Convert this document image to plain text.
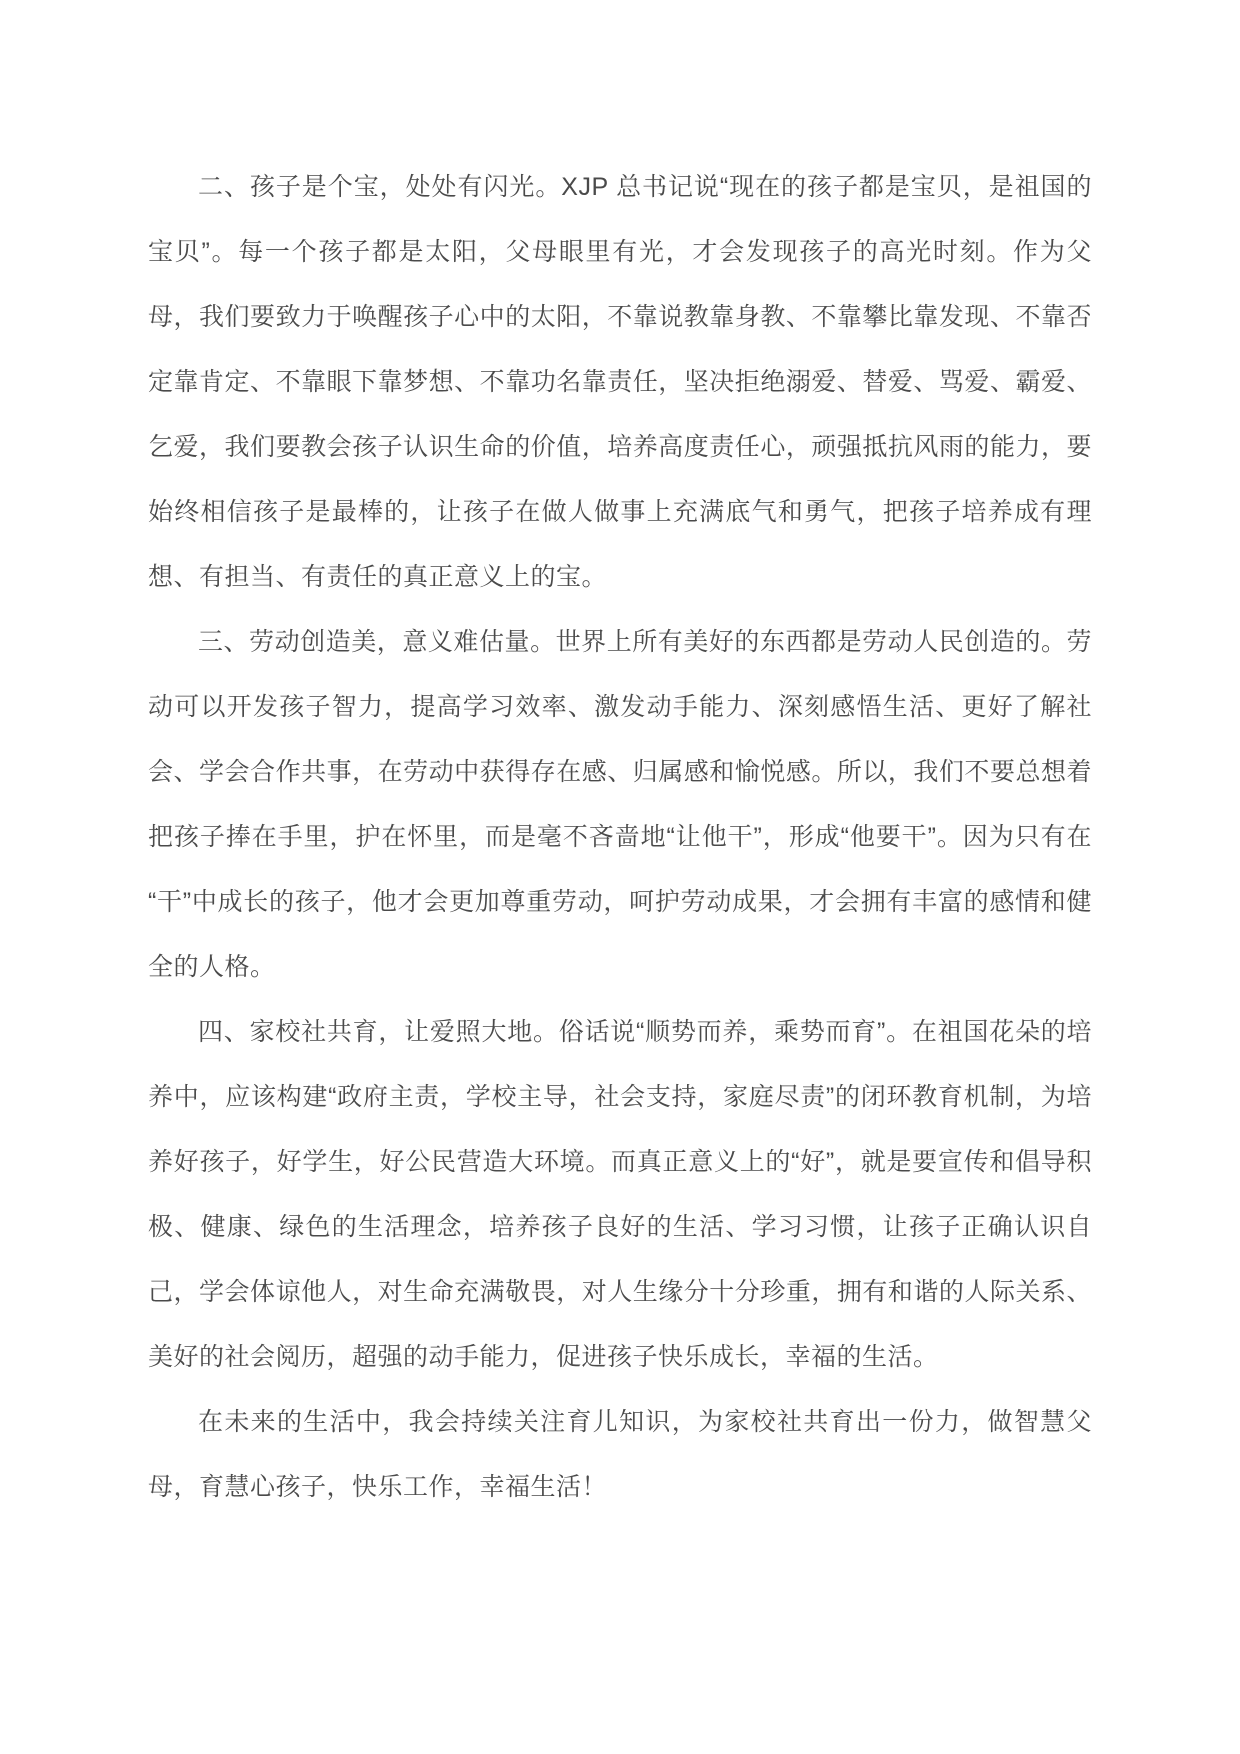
二、孩子是个宝，处处有闪光。XJP 总书记说“现在的孩子都是宝贝，是祖国的宝贝”。每一个孩子都是太阳，父母眼里有光，才会发现孩子的高光时刻。作为父母，我们要致力于唤醒孩子心中的太阳，不靠说教靠身教、不靠攀比靠发现、不靠否定靠肯定、不靠眼下靠梦想、不靠功名靠责任，坚决拒绝溺爱、替爱、骂爱、霸爱、乞爱，我们要教会孩子认识生命的价值，培养高度责任心，顽强抵抗风雨的能力，要始终相信孩子是最棒的，让孩子在做人做事上充满底气和勇气，把孩子培养成有理想、有担当、有责任的真正意义上的宝。

三、劳动创造美，意义难估量。世界上所有美好的东西都是劳动人民创造的。劳动可以开发孩子智力，提高学习效率、激发动手能力、深刻感悟生活、更好了解社会、学会合作共事，在劳动中获得存在感、归属感和愉悦感。所以，我们不要总想着把孩子捧在手里，护在怀里，而是毫不吝啬地“让他干”，形成“他要干”。因为只有在“干”中成长的孩子，他才会更加尊重劳动，呵护劳动成果，才会拥有丰富的感情和健全的人格。

四、家校社共育，让爱照大地。俗话说“顺势而养，乘势而育”。在祖国花朵的培养中，应该构建“政府主责，学校主导，社会支持，家庭尽责”的闭环教育机制，为培养好孩子，好学生，好公民营造大环境。而真正意义上的“好”，就是要宣传和倡导积极、健康、绿色的生活理念，培养孩子良好的生活、学习习惯，让孩子正确认识自己，学会体谅他人，对生命充满敬畏，对人生缘分十分珍重，拥有和谐的人际关系、美好的社会阅历，超强的动手能力，促进孩子快乐成长，幸福的生活。

在未来的生活中，我会持续关注育儿知识，为家校社共育出一份力，做智慧父母，育慧心孩子，快乐工作，幸福生活！
